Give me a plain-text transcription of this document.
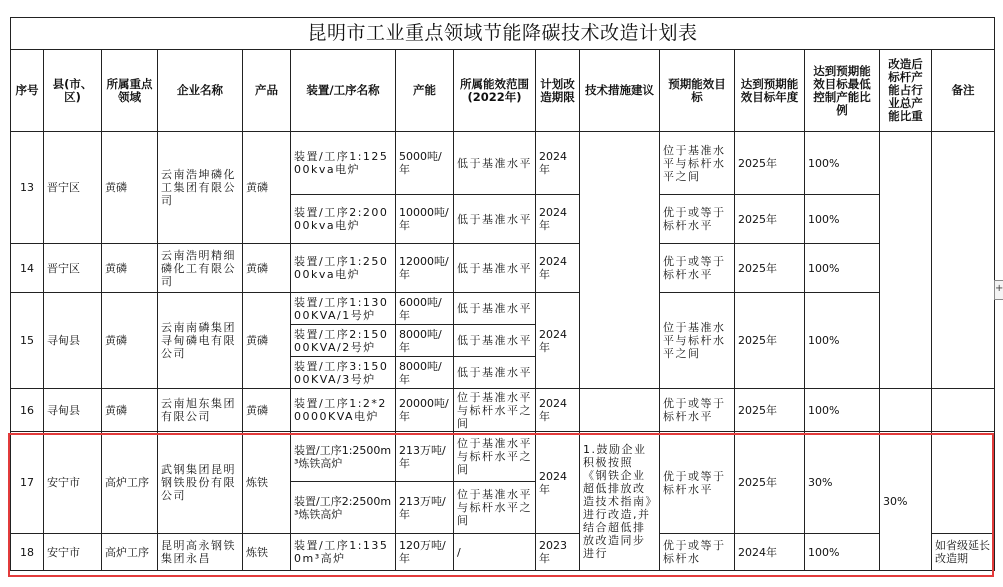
昆明市工业重点领域节能降碳技术改造计划表														
序号	县(市、区)	所属重点领域	企业名称	产品	装置/工序名称	产能	所属能效范围(2022年)	计划改造期限	技术措施建议	预期能效目标	达到预期能效目标年度	达到预期能效目标最低控制产能比例	改造后标杆产能占行业总产能比重	备注
13	晋宁区	黄磷	云南浩坤磷化工集团有限公司	黄磷	装置/工序1:12500kva电炉	5000吨/年	低于基准水平	2024年		位于基准水平与标杆水平之间	2025年	100%		
					装置/工序2:20000kva电炉	10000吨/年	低于基准水平	2024年		优于或等于标杆水平	2025年	100%		
14	晋宁区	黄磷	云南浩明精细磷化工有限公司	黄磷	装置/工序1:25000kva电炉	12000吨/年	低于基准水平	2024年		优于或等于标杆水平	2025年	100%		
15	寻甸县	黄磷	云南南磷集团寻甸磷电有限公司	黄磷	装置/工序1:13000KVA/1号炉	6000吨/年	低于基准水平	2024年		位于基准水平与标杆水平之间	2025年	100%		
					装置/工序2:15000KVA/2号炉	8000吨/年	低于基准水平							
					装置/工序3:15000KVA/3号炉	8000吨/年	低于基准水平							
16	寻甸县	黄磷	云南旭东集团有限公司	黄磷	装置/工序1:2*20000KVA电炉	20000吨/年	位于基准水平与标杆水平之间	2024年		优于或等于标杆水平	2025年	100%		
17	安宁市	高炉工序	武钢集团昆明钢铁股份有限公司	炼铁	装置/工序1:2500m³炼铁高炉	213万吨/年	位于基准水平与标杆水平之间	2024年	1.鼓励企业积极按照《钢铁企业超低排放改造技术指南》进行改造,并结合超低排放改造同步进行	优于或等于标杆水平	2025年	30%	30%	
					装置/工序2:2500m³炼铁高炉	213万吨/年	位于基准水平与标杆水平之间							
18	安宁市	高炉工序	昆明高永钢铁集团永昌	炼铁	装置/工序1:1350m³高炉	120万吨/年	/	2023年		优于或等于标杆水	2024年	100%		如省级延长改造期
+
